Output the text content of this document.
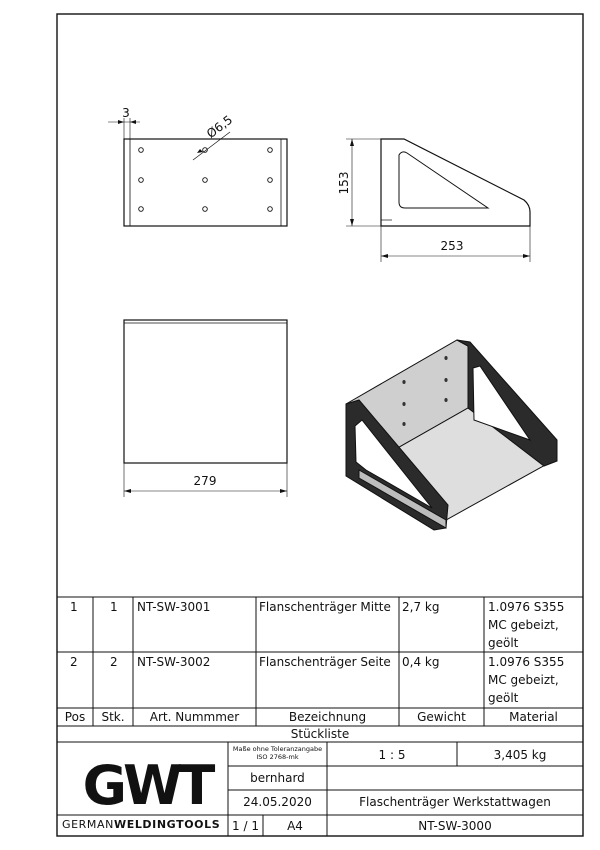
3	Ø6,5
153
253
279
1	1 NT-SW-3001	Flanschenträger Mitte 2,7 kg	1.0976 S355
MC gebeizt,
geölt
2	2 NT-SW-3002	Flanschenträger Seite 0,4 kg	1.0976 S355
MC gebeizt,
geölt
Pos	Stk.	Art. Nummmer	Bezeichnung	Gewicht	Material
Stückliste
Maße ohne Toleranzangabe
ISO 2768-mk	1 : 5	3,405 kg
bernhard
24.05.2020	Flaschenträger Werkstattwagen
1 / 1	A4	NT-SW-3000
GWT
GERMANWELDINGTOOLS
